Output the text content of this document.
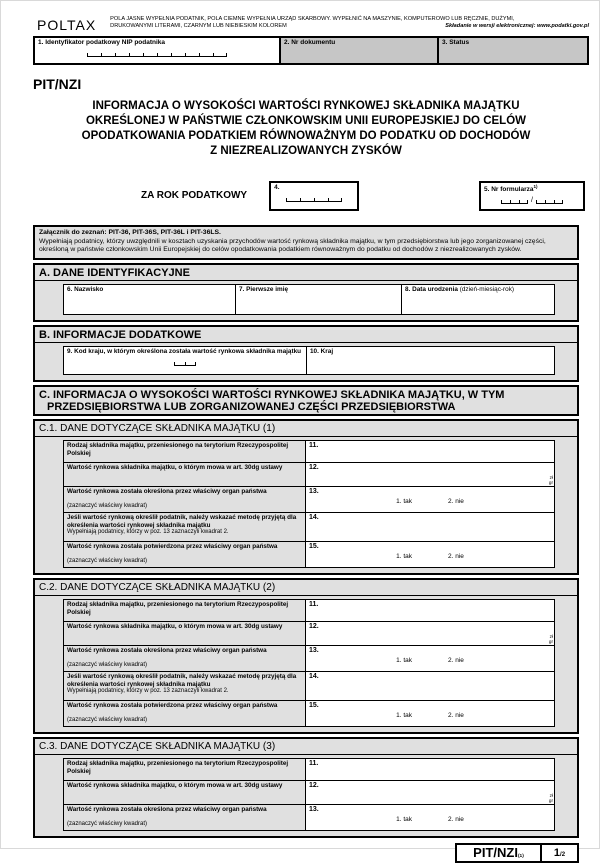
POLTAX	POLA JASNE WYPEŁNIA PODATNIK, POLA CIEMNE WYPEŁNIA URZĄD SKARBOWY. WYPEŁNIĆ NA MASZYNIE, KOMPUTEROWO LUB RĘCZNIE, DUŻYMI,
DRUKOWANYMI LITERAMI, CZARNYM LUB NIEBIESKIM KOLOREM	Składanie w wersji elektronicznej: www.podatki.gov.pl
1. Identyfikator podatkowy NIP podatnika	2. Nr dokumentu	3. Status
PIT/NZI
INFORMACJA O WYSOKOŚCI WARTOŚCI RYNKOWEJ SKŁADNIKA MAJĄTKU
OKREŚLONEJ W PAŃSTWIE CZŁONKOWSKIM UNII EUROPEJSKIEJ DO CELÓW
OPODATKOWANIA PODATKIEM RÓWNOWAŻNYM DO PODATKU OD DOCHODÓW
Z NIEZREALIZOWANYCH ZYSKÓW
ZA ROK PODATKOWY
4.	5. Nr formularza$^{1)}$
/
Załącznik do zeznań: PIT-36, PIT-36S, PIT-36L i PIT-36LS.
Wypełniają podatnicy, którzy uwzględnili w kosztach uzyskania przychodów wartość rynkową składnika majątku, w tym przedsiębiorstwa lub jego zorganizowanej części, określoną w państwie członkowskim Unii Europejskiej do celów opodatkowania podatkiem równoważnym do podatku od dochodów z niezrealizowanych zysków.
A. DANE IDENTYFIKACYJNE
6. Nazwisko	7. Pierwsze imię	8. Data urodzenia (dzień-miesiąc-rok)
B. INFORMACJE DODATKOWE
9. Kod kraju, w którym określona została wartość rynkowa składnika majątku	10. Kraj
C. INFORMACJA O WYSOKOŚCI WARTOŚCI RYNKOWEJ SKŁADNIKA MAJĄTKU, W TYM
PRZEDSIĘBIORSTWA LUB ZORGANIZOWANEJ CZĘŚCI PRZEDSIĘBIORSTWA
C.1. DANE DOTYCZĄCE SKŁADNIKA MAJĄTKU (1)
Rodzaj składnika majątku, przeniesionego na terytorium Rzeczypospolitej Polskiej
11.
Wartość rynkowa składnika majątku, o którym mowa w art. 30dg ustawy	12.
zł
gr
Wartość rynkowa została określona przez właściwy organ państwa
(zaznaczyć właściwy kwadrat)
13.
1. tak	2. nie
Jeśli wartość rynkową określił podatnik, należy wskazać metodę przyjętą dla określenia wartości rynkowej składnika majątku
Wypełniają podatnicy, którzy w poz. 13 zaznaczyli kwadrat 2.
14.
Wartość rynkowa została potwierdzona przez właściwy organ państwa
(zaznaczyć właściwy kwadrat)
15.
1. tak	2. nie
C.2. DANE DOTYCZĄCE SKŁADNIKA MAJĄTKU (2)
Rodzaj składnika majątku, przeniesionego na terytorium Rzeczypospolitej Polskiej
11.
Wartość rynkowa składnika majątku, o którym mowa w art. 30dg ustawy	12.
zł
gr
Wartość rynkowa została określona przez właściwy organ państwa
(zaznaczyć właściwy kwadrat)
13.
1. tak	2. nie
Jeśli wartość rynkową określił podatnik, należy wskazać metodę przyjętą dla określenia wartości rynkowej składnika majątku
Wypełniają podatnicy, którzy w poz. 13 zaznaczyli kwadrat 2.
14.
Wartość rynkowa została potwierdzona przez właściwy organ państwa
(zaznaczyć właściwy kwadrat)
15.
1. tak	2. nie
C.3. DANE DOTYCZĄCE SKŁADNIKA MAJĄTKU (3)
Rodzaj składnika majątku, przeniesionego na terytorium Rzeczypospolitej Polskiej
11.
Wartość rynkowa składnika majątku, o którym mowa w art. 30dg ustawy	12.
zł
gr
Wartość rynkowa została określona przez właściwy organ państwa
(zaznaczyć właściwy kwadrat)
13.
1. tak	2. nie
PIT/NZI (1)	1 /2
